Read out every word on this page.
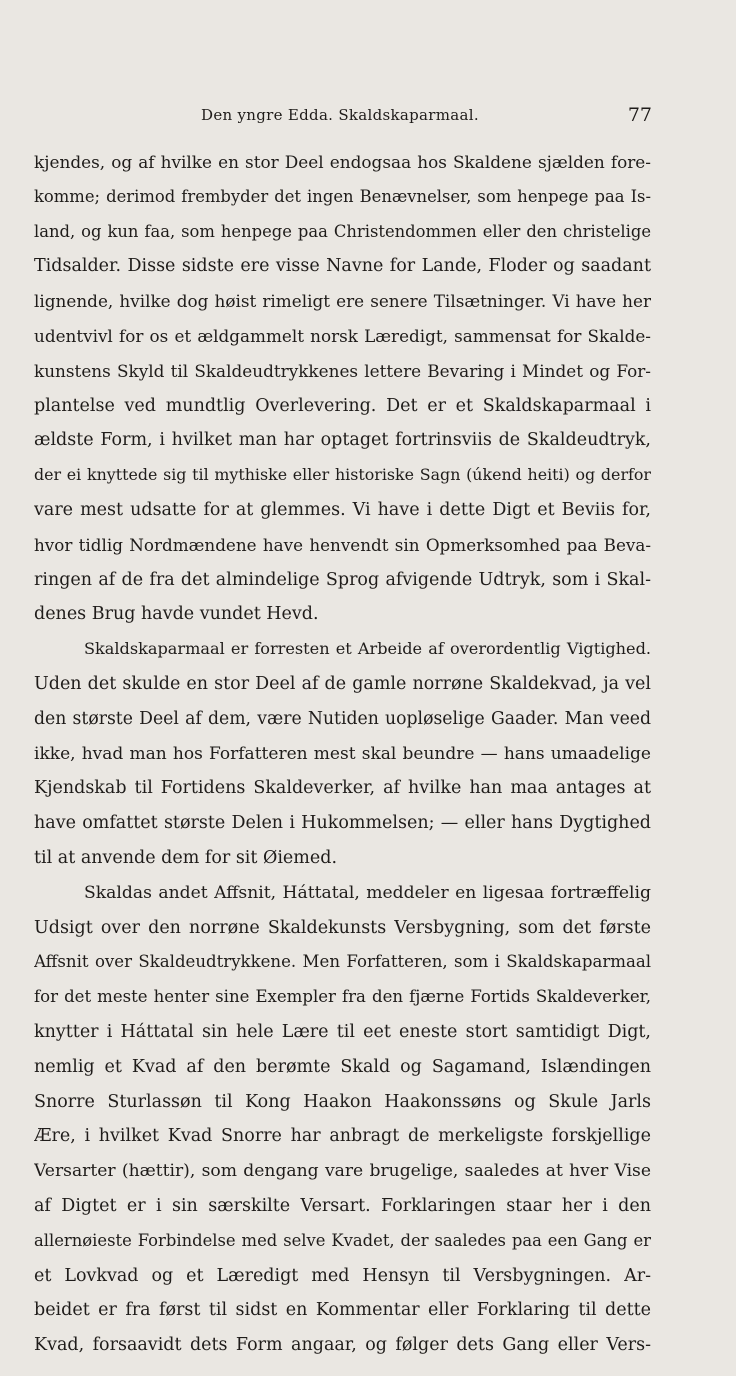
Den yngre Edda. Skaldskaparmaal.	77
kjendes, og af hvilke en stor Deel endogsaa hos Skaldene sjælden fore-
komme; derimod frembyder det ingen Benævnelser, som henpege paa Is-
land, og kun faa, som henpege paa Christendommen eller den christelige
Tidsalder. Disse sidste ere visse Navne for Lande, Floder og saadant
lignende, hvilke dog høist rimeligt ere senere Tilsætninger. Vi have her
udentvivl for os et ældgammelt norsk Læredigt, sammensat for Skalde-
kunstens Skyld til Skaldeudtrykkenes lettere Bevaring i Mindet og For-
plantelse ved mundtlig Overlevering. Det er et Skaldskaparmaal i
ældste Form, i hvilket man har optaget fortrinsviis de Skaldeudtryk,
der ei knyttede sig til mythiske eller historiske Sagn (úkend heiti) og derfor
vare mest udsatte for at glemmes. Vi have i dette Digt et Beviis for,
hvor tidlig Nordmændene have henvendt sin Opmerksomhed paa Beva-
ringen af de fra det almindelige Sprog afvigende Udtryk, som i Skal-
denes Brug havde vundet Hevd.
Skaldskaparmaal er forresten et Arbeide af overordentlig Vigtighed.
Uden det skulde en stor Deel af de gamle norrøne Skaldekvad, ja vel
den største Deel af dem, være Nutiden uopløselige Gaader. Man veed
ikke, hvad man hos Forfatteren mest skal beundre — hans umaadelige
Kjendskab til Fortidens Skaldeverker, af hvilke han maa antages at
have omfattet største Delen i Hukommelsen; — eller hans Dygtighed
til at anvende dem for sit Øiemed.
Skaldas andet Affsnit, Háttatal, meddeler en ligesaa fortræffelig
Udsigt over den norrøne Skaldekunsts Versbygning, som det første
Affsnit over Skaldeudtrykkene. Men Forfatteren, som i Skaldskaparmaal
for det meste henter sine Exempler fra den fjærne Fortids Skaldeverker,
knytter i Háttatal sin hele Lære til eet eneste stort samtidigt Digt,
nemlig et Kvad af den berømte Skald og Sagamand, Islændingen
Snorre Sturlassøn til Kong Haakon Haakonssøns og Skule Jarls
Ære, i hvilket Kvad Snorre har anbragt de merkeligste forskjellige
Versarter (hættir), som dengang vare brugelige, saaledes at hver Vise
af Digtet er i sin særskilte Versart. Forklaringen staar her i den
allernøieste Forbindelse med selve Kvadet, der saaledes paa een Gang er
et Lovkvad og et Læredigt med Hensyn til Versbygningen. Ar-
beidet er fra først til sidst en Kommentar eller Forklaring til dette
Kvad, forsaavidt dets Form angaar, og følger dets Gang eller Vers-
